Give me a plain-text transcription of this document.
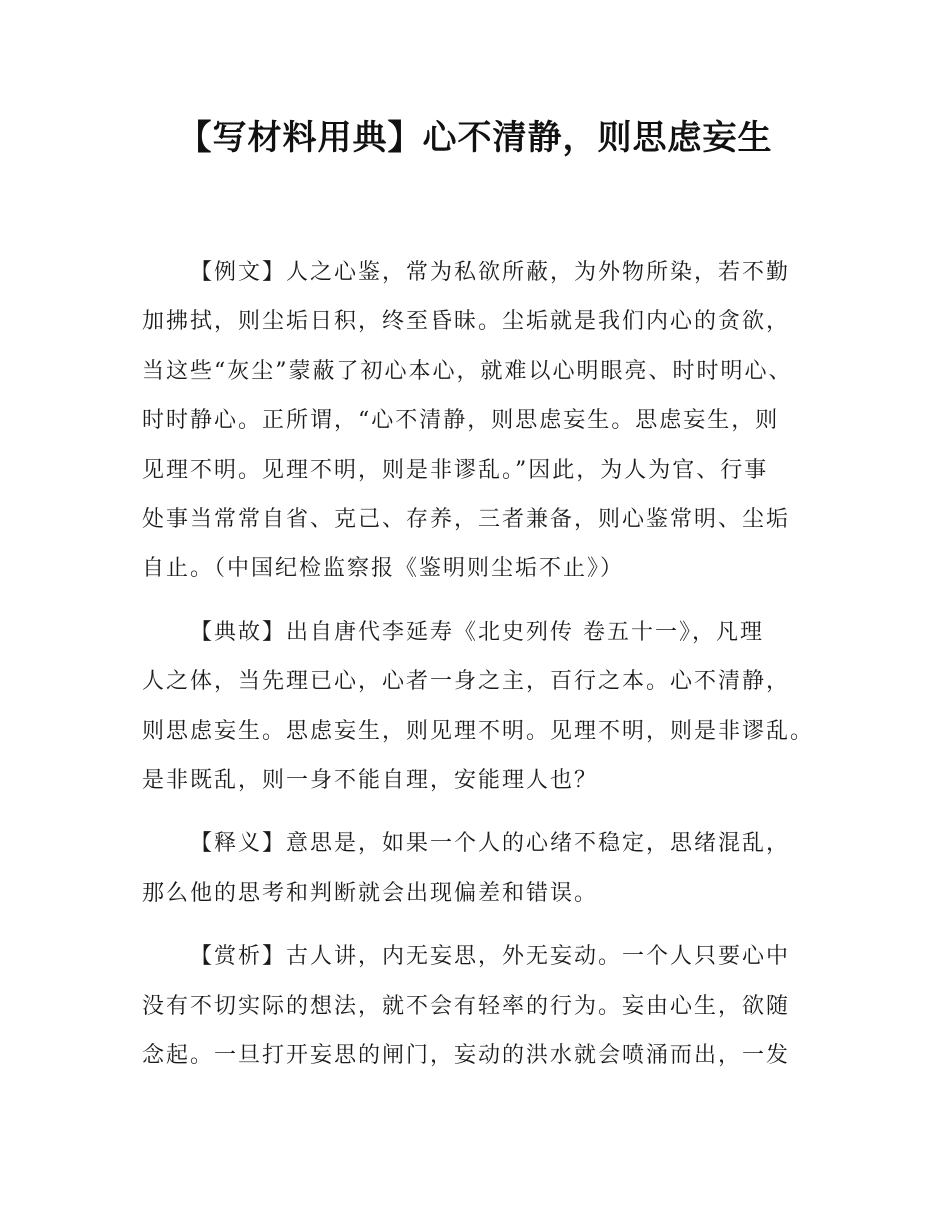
【写材料用典】心不清静，则思虑妄生
【例文】人之心鉴，常为私欲所蔽，为外物所染，若不勤
加拂拭，则尘垢日积，终至昏昧。尘垢就是我们内心的贪欲，
当这些“灰尘”蒙蔽了初心本心，就难以心明眼亮、时时明心、
时时静心。正所谓，“心不清静，则思虑妄生。思虑妄生，则
见理不明。见理不明，则是非谬乱。”因此，为人为官、行事
处事当常常自省、克己、存养，三者兼备，则心鉴常明、尘垢
自止。（中国纪检监察报《鉴明则尘垢不止》）
【典故】出自唐代李延寿《北史列传 卷五十一》，凡理
人之体，当先理已心，心者一身之主，百行之本。心不清静，
则思虑妄生。思虑妄生，则见理不明。见理不明，则是非谬乱。
是非既乱，则一身不能自理，安能理人也？
【释义】意思是，如果一个人的心绪不稳定，思绪混乱，
那么他的思考和判断就会出现偏差和错误。
【赏析】古人讲，内无妄思，外无妄动。一个人只要心中
没有不切实际的想法，就不会有轻率的行为。妄由心生，欲随
念起。一旦打开妄思的闸门，妄动的洪水就会喷涌而出，一发
